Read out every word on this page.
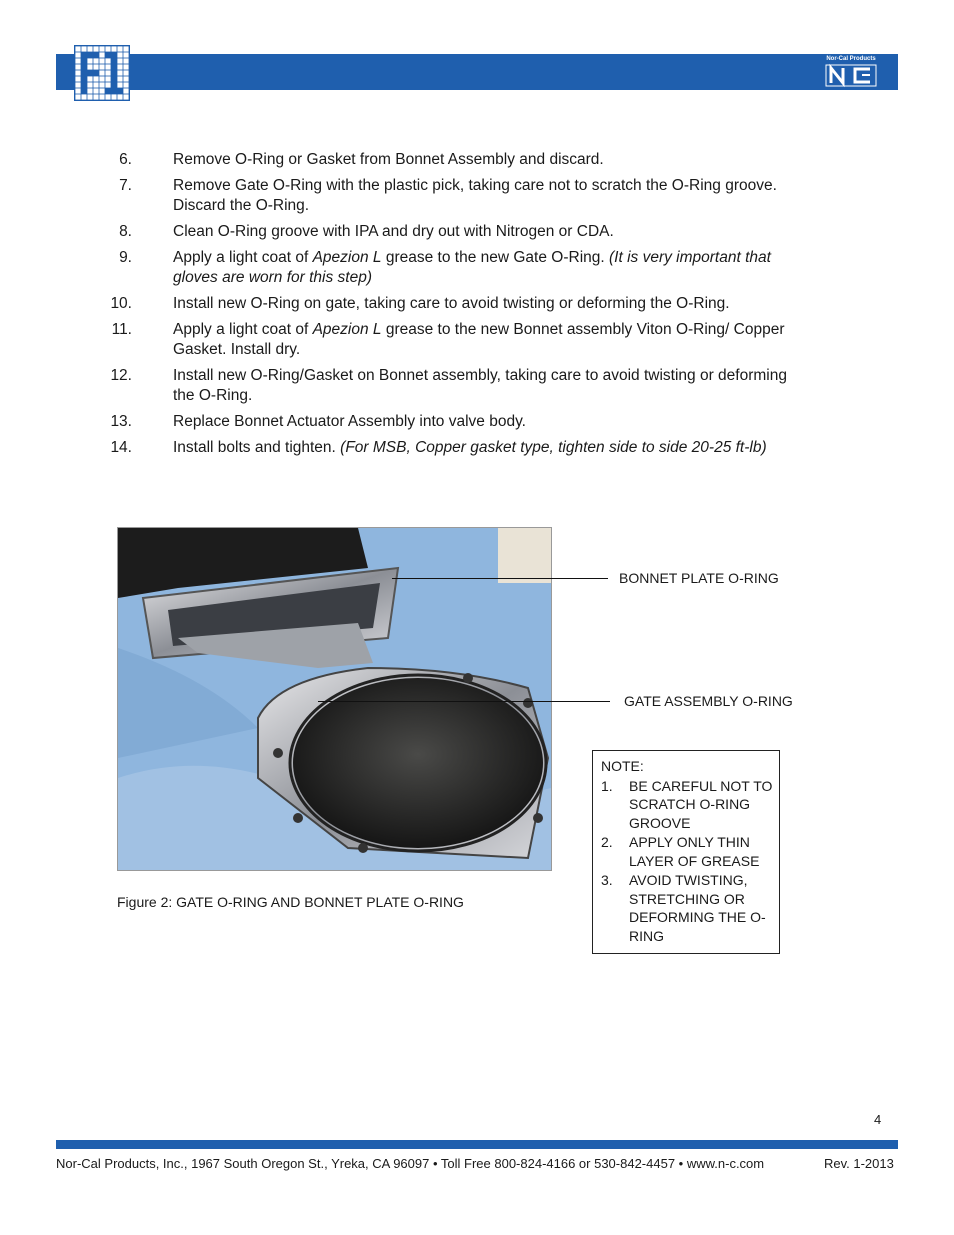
Nor-Cal Products
6.	Remove O-Ring or Gasket from Bonnet Assembly and discard.
7.	Remove Gate O-Ring with the plastic pick, taking care not to scratch the O-Ring groove. Discard the O-Ring.
8.	Clean O-Ring groove with IPA and dry out with Nitrogen or CDA.
9.	Apply a light coat of Apezion L grease to the new Gate O-Ring. (It is very important that gloves are worn for this step)
10.	Install new O-Ring on gate, taking care to avoid twisting or deforming the O-Ring.
11.	Apply a light coat of Apezion L grease to the new Bonnet assembly Viton O-Ring/ Copper Gasket. Install dry.
12.	Install new O-Ring/Gasket on Bonnet assembly, taking care to avoid twisting or deforming the O-Ring.
13.	Replace Bonnet Actuator Assembly into valve body.
14.	Install bolts and tighten. (For MSB, Copper gasket type, tighten side to side 20-25 ft-lb)
BONNET PLATE O-RING
GATE ASSEMBLY O-RING
Figure 2: GATE O-RING AND BONNET PLATE O-RING
NOTE:
1. BE CAREFUL NOT TO SCRATCH O-RING GROOVE
2. APPLY ONLY THIN LAYER OF GREASE
3. AVOID TWISTING, STRETCHING OR DEFORMING THE O-RING
4
Nor-Cal Products, Inc., 1967 South Oregon St., Yreka, CA 96097 • Toll Free 800-824-4166 or 530-842-4457 • www.n-c.com	Rev. 1-2013
